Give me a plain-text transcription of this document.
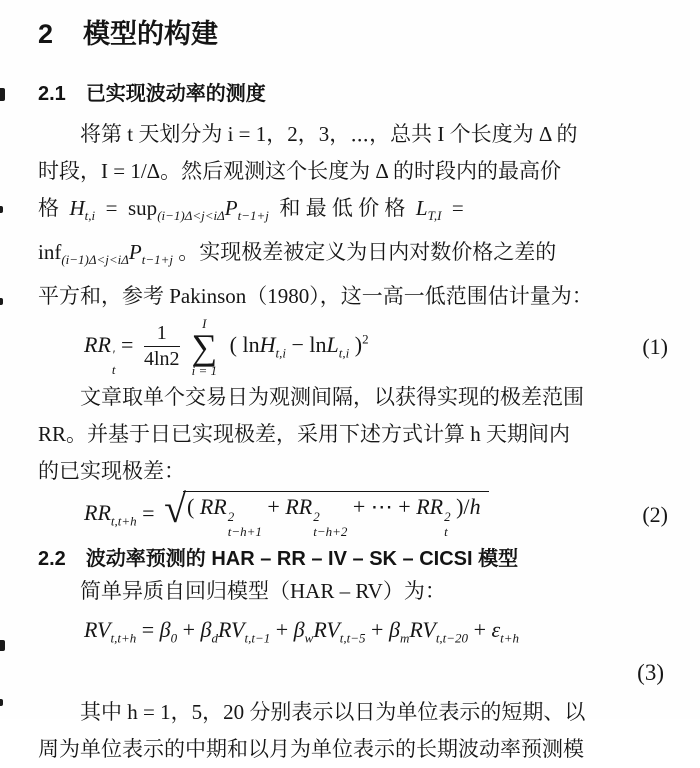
2 模型的构建
2.1 已实现波动率的测度
将第 t 天划分为 i = 1，2，3，⋯，总共 I 个长度为 Δ 的
时段，I = 1/Δ。然后观测这个长度为 Δ 的时段内的最高价
格  $H_{t,i} = sup_{(i-1)\Delta<j<i\Delta}P_{t-1+j}$  和 最 低 价 格  $L_{T,I}$  =
$inf_{(i-1)\Delta<j<i\Delta}P_{t-1+j}$ 。实现极差被定义为日内对数价格之差的
平方和，参考 Pakinson（1980），这一高一低范围估计量为：
RR ′
t
= $\frac{1}{4\ln 2}$ I
∑
i = 1
( lnH$_{t,i}$ − lnL$_{t,i}$ )$^2$	(1)
文章取单个交易日为观测间隔，以获得实现的极差范围
RR。并基于日已实现极差，采用下述方式计算 h 天期间内
的已实现极差：
$RR_{t,t+h}$ = √ ( RR 2
t−h+1
+ RR 2
t−h+2
+ ⋯ + RR 2
t
)/h	(2)
2.2 波动率预测的 HAR – RR – IV – SK – CICSI 模型
简单异质自回归模型（HAR – RV）为：
$RV_{t,t+h} = \beta_0 + \beta_dRV_{t,t-1} + \beta_wRV_{t,t-5} + \beta_mRV_{t,t-20} + \varepsilon_{t+h}$
(3)
其中 h = 1，5，20 分别表示以日为单位表示的短期、以
周为单位表示的中期和以月为单位表示的长期波动率预测模
